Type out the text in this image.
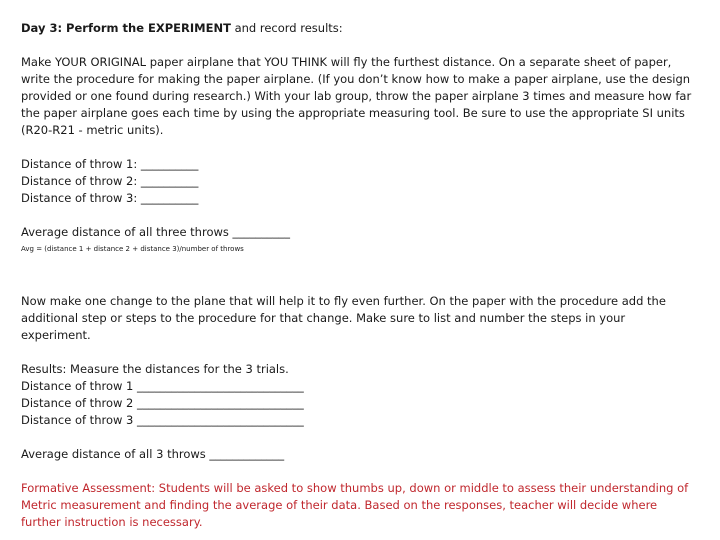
Day 3: Perform the EXPERIMENT and record results:

Make YOUR ORIGINAL paper airplane that YOU THINK will fly the furthest distance. On a separate sheet of paper, write the procedure for making the paper airplane. (If you don’t know how to make a paper airplane, use the design provided or one found during research.) With your lab group, throw the paper airplane 3 times and measure how far the paper airplane goes each time by using the appropriate measuring tool. Be sure to use the appropriate SI units (R20-R21 - metric units).

Distance of throw 1: __________

Distance of throw 2: __________

Distance of throw 3: __________

Average distance of all three throws __________

Avg = (distance 1 + distance 2 + distance 3)/number of throws

Now make one change to the plane that will help it to fly even further. On the paper with the procedure add the additional step or steps to the procedure for that change. Make sure to list and number the steps in your experiment.

Results: Measure the distances for the 3 trials.

Distance of throw 1 _____________________________

Distance of throw 2 _____________________________

Distance of throw 3 _____________________________

Average distance of all 3 throws _____________

Formative Assessment: Students will be asked to show thumbs up, down or middle to assess their understanding of Metric measurement and finding the average of their data. Based on the responses, teacher will decide where further instruction is necessary.
